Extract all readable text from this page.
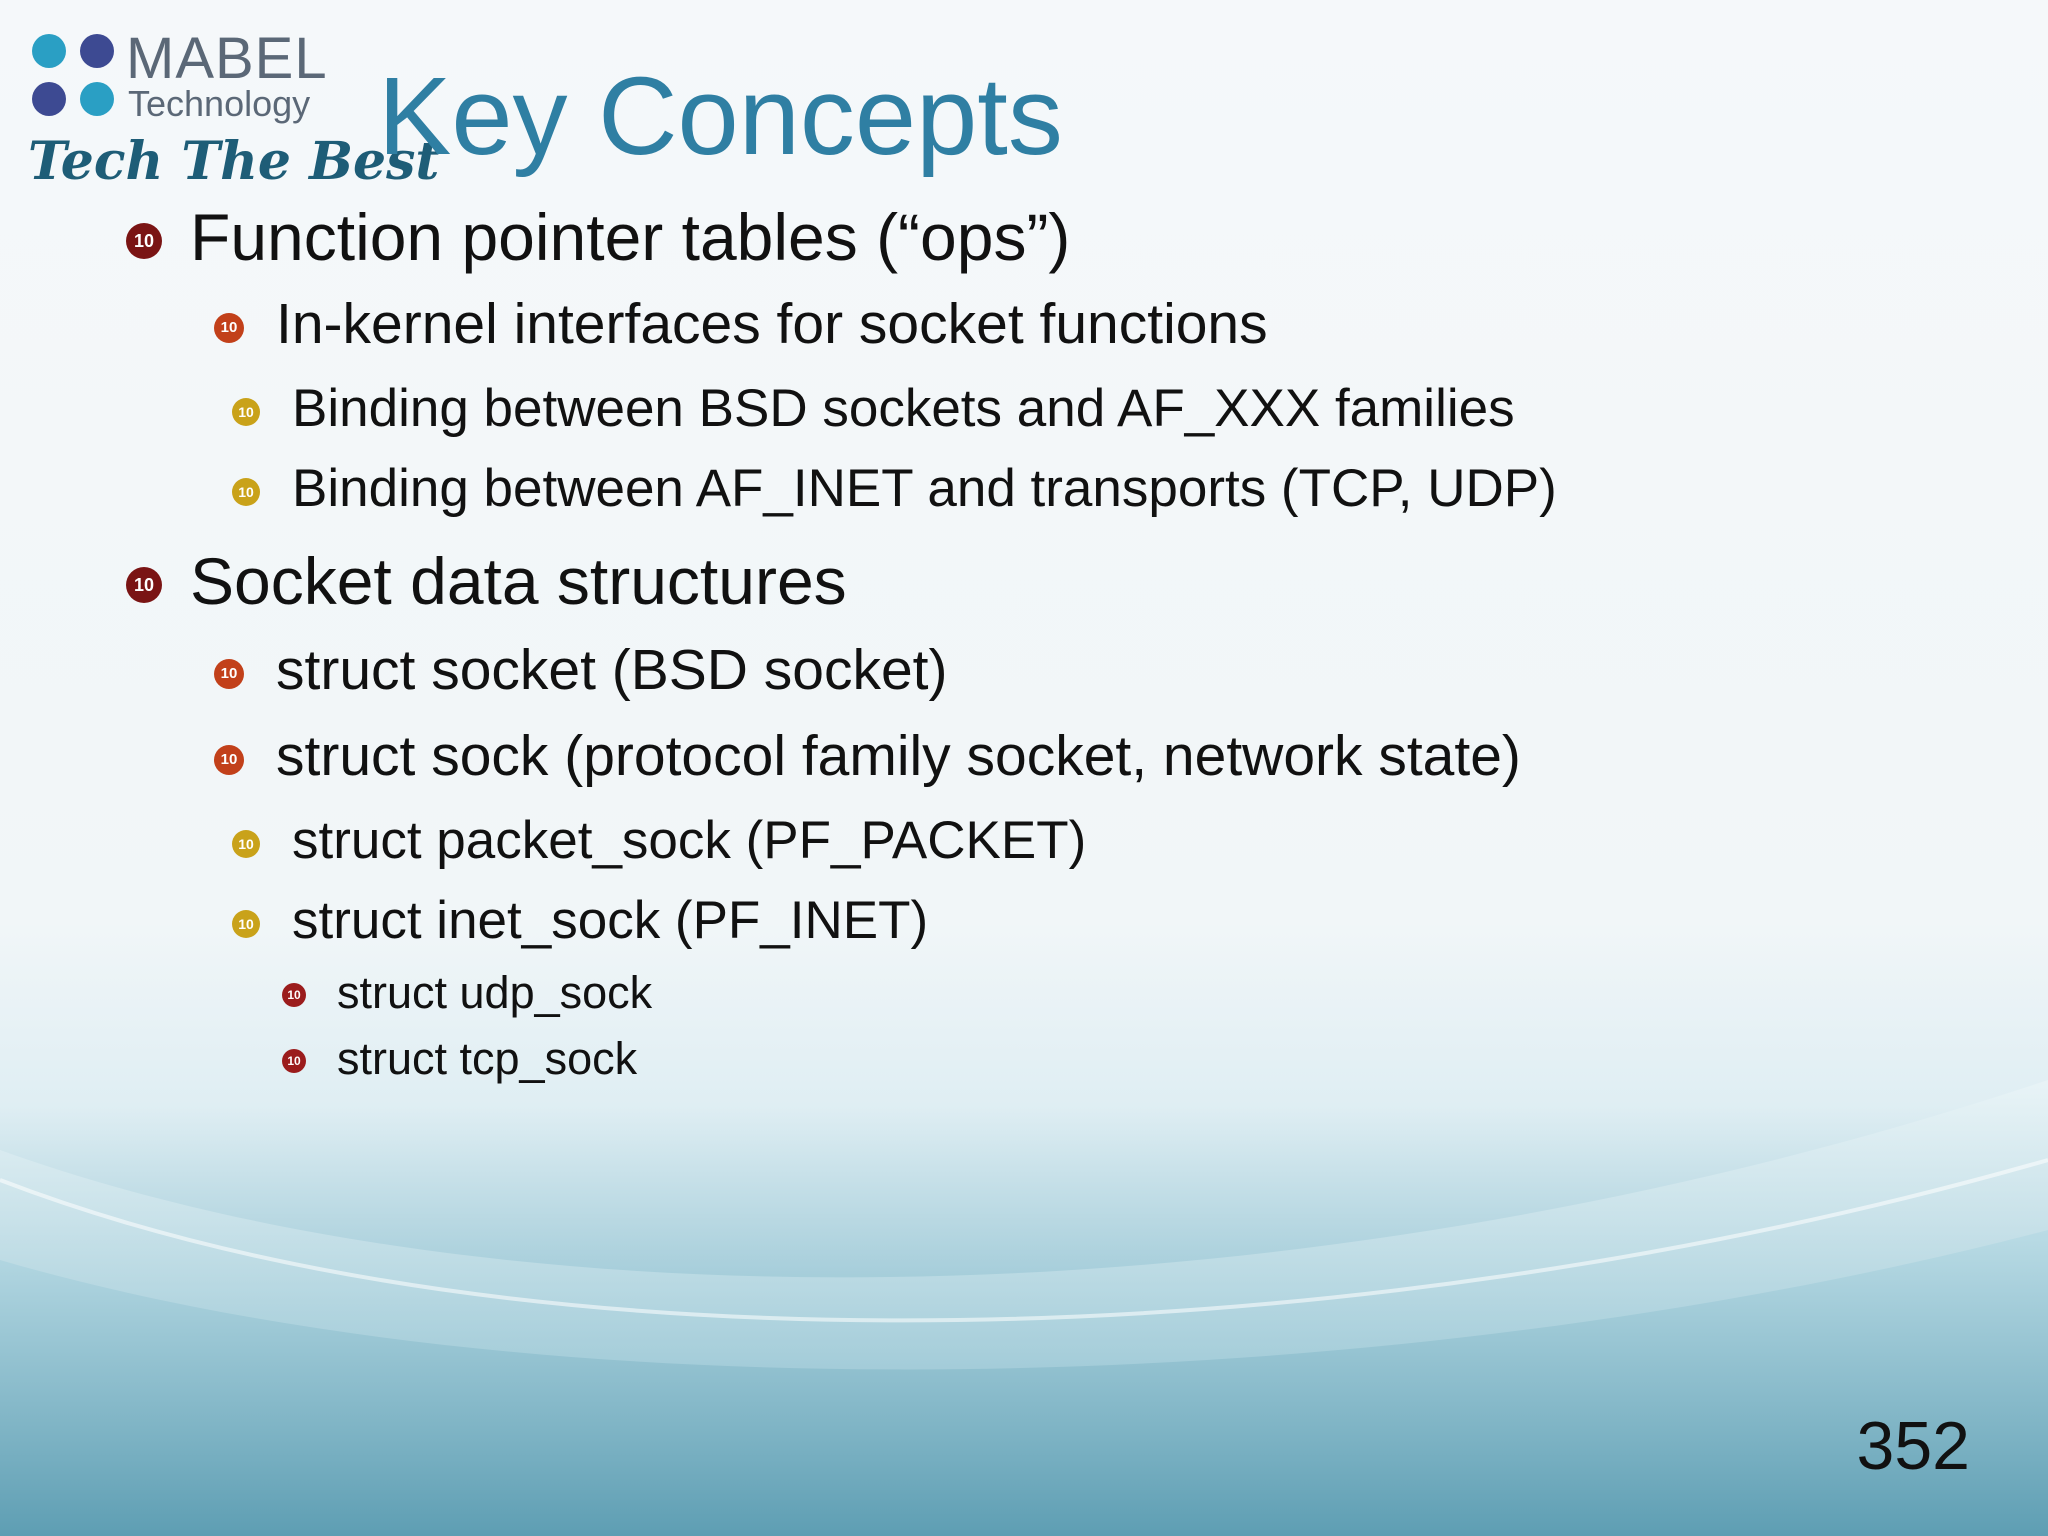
MABEL
Technology
Tech The Best
Key Concepts
10 Function pointer tables (“ops”)
10 In-kernel interfaces for socket functions
10 Binding between BSD sockets and AF_XXX families
10 Binding between AF_INET and transports (TCP, UDP)
10 Socket data structures
10 struct socket (BSD socket)
10 struct sock (protocol family socket, network state)
10 struct packet_sock (PF_PACKET)
10 struct inet_sock (PF_INET)
10 struct udp_sock
10 struct tcp_sock
352
